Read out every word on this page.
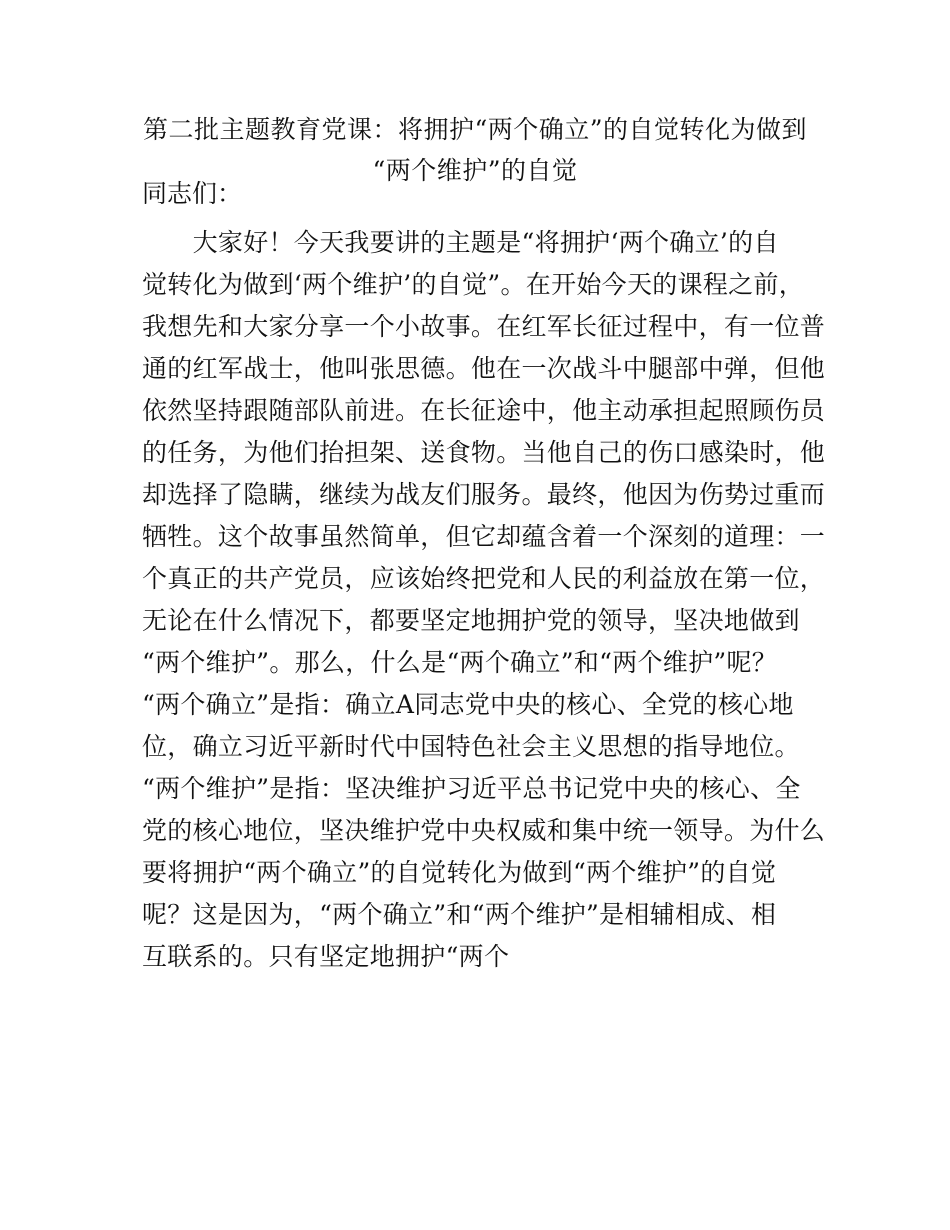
第二批主题教育党课：将拥护“两个确立”的自觉转化为做到
“两个维护”的自觉
同志们：
　　大家好！今天我要讲的主题是“将拥护‘两个确立’的自
觉转化为做到‘两个维护’的自觉”。在开始今天的课程之前，
我想先和大家分享一个小故事。在红军长征过程中，有一位普
通的红军战士，他叫张思德。他在一次战斗中腿部中弹，但他
依然坚持跟随部队前进。在长征途中，他主动承担起照顾伤员
的任务，为他们抬担架、送食物。当他自己的伤口感染时，他
却选择了隐瞒，继续为战友们服务。最终，他因为伤势过重而
牺牲。这个故事虽然简单，但它却蕴含着一个深刻的道理：一
个真正的共产党员，应该始终把党和人民的利益放在第一位，
无论在什么情况下，都要坚定地拥护党的领导，坚决地做到
“两个维护”。那么，什么是“两个确立”和“两个维护”呢？
“两个确立”是指：确立A同志党中央的核心、全党的核心地
位，确立习近平新时代中国特色社会主义思想的指导地位。
“两个维护”是指：坚决维护习近平总书记党中央的核心、全
党的核心地位，坚决维护党中央权威和集中统一领导。为什么
要将拥护“两个确立”的自觉转化为做到“两个维护”的自觉
呢？这是因为，“两个确立”和“两个维护”是相辅相成、相
互联系的。只有坚定地拥护“两个
